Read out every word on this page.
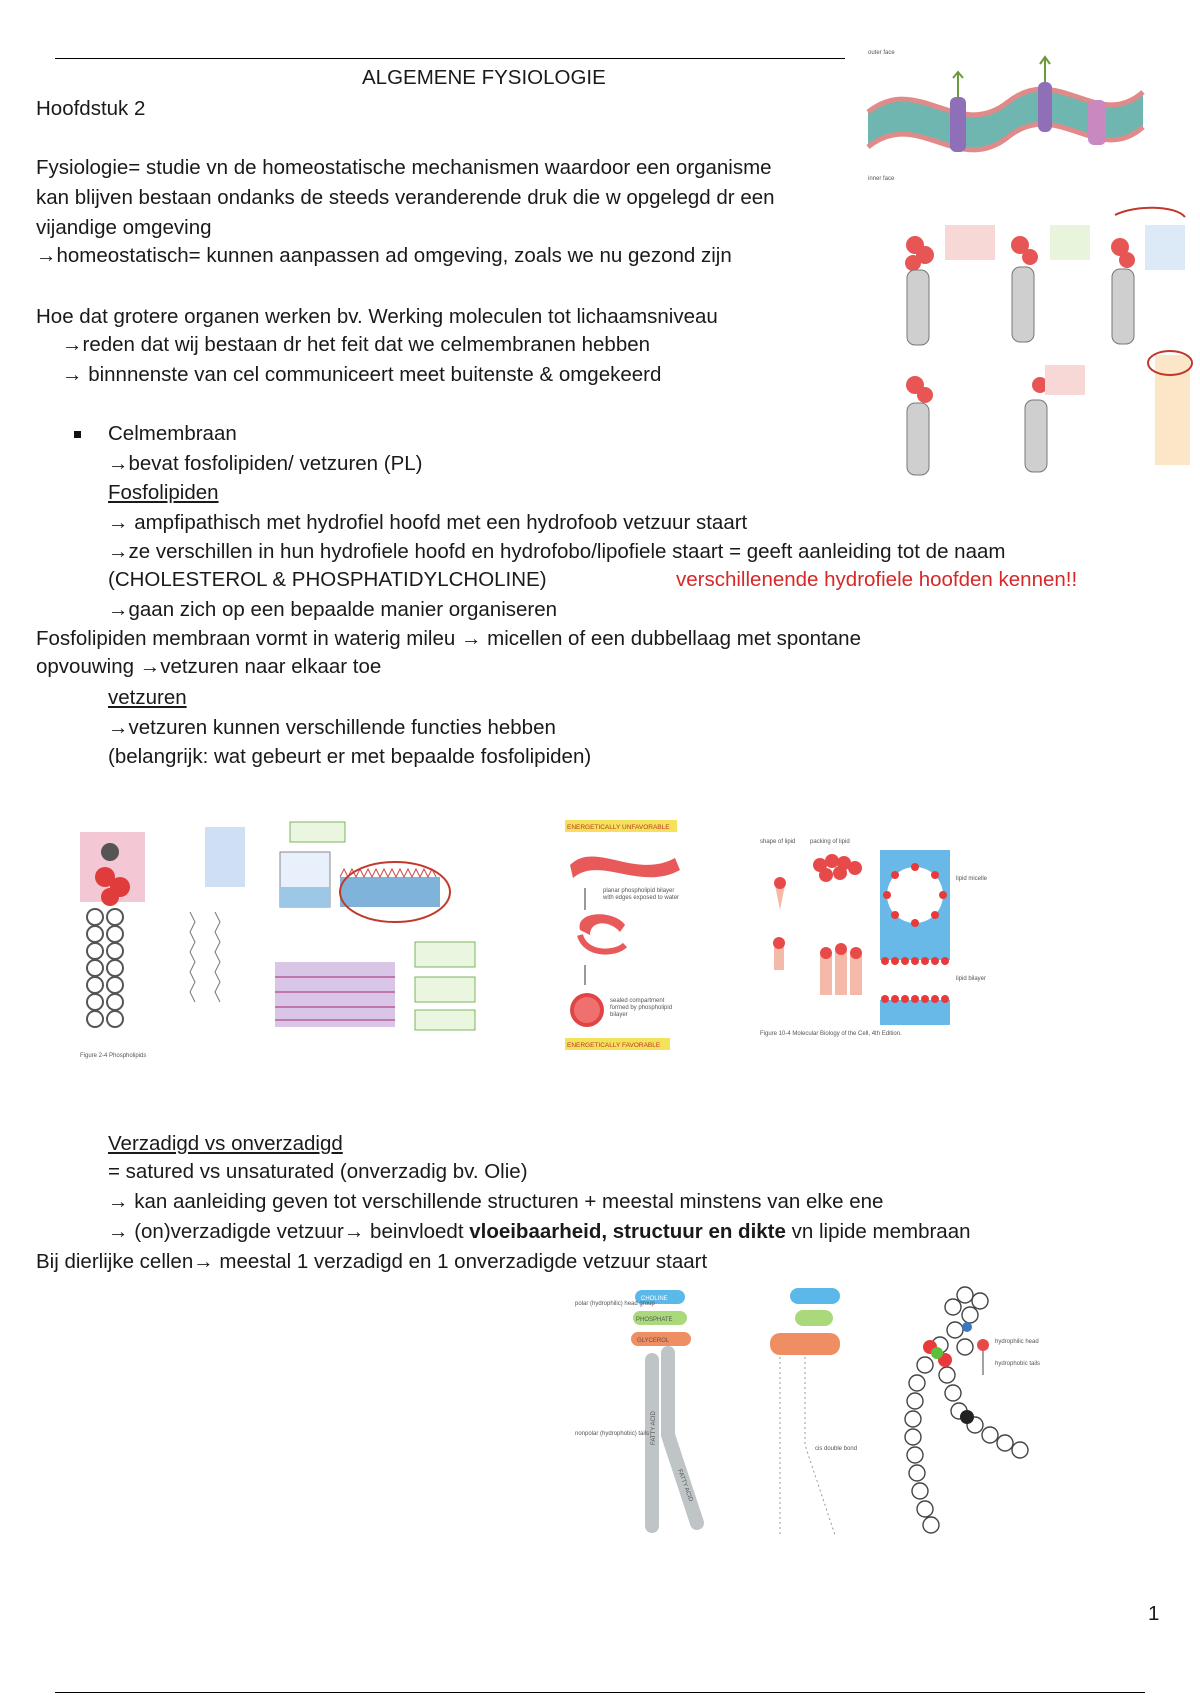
ALGEMENE FYSIOLOGIE
Hoofdstuk 2
Fysiologie= studie vn de homeostatische mechanismen waardoor een organisme
kan blijven bestaan ondanks de steeds veranderende druk die w opgelegd dr een
vijandige omgeving
→homeostatisch= kunnen aanpassen ad omgeving, zoals we nu gezond zijn
Hoe dat grotere organen werken bv. Werking moleculen tot lichaamsniveau
→reden dat wij bestaan dr het feit dat we celmembranen hebben
→ binnnenste van cel communiceert meet buitenste & omgekeerd
Celmembraan
→bevat fosfolipiden/ vetzuren (PL)
Fosfolipiden
→ ampfipathisch met hydrofiel hoofd met een hydrofoob vetzuur staart
→ze verschillen in hun hydrofiele hoofd en hydrofobo/lipofiele staart = geeft aanleiding tot de naam
(CHOLESTEROL & PHOSPHATIDYLCHOLINE)	verschillenende hydrofiele hoofden kennen!!
→gaan zich op een bepaalde manier organiseren
Fosfolipiden membraan vormt in waterig mileu → micellen of een dubbellaag met spontane
opvouwing →vetzuren naar elkaar toe
vetzuren
→vetzuren kunnen verschillende functies hebben
(belangrijk: wat gebeurt er met bepaalde fosfolipiden)
Verzadigd vs onverzadigd
= satured vs unsaturated (onverzadig bv. Olie)
→ kan aanleiding geven tot verschillende structuren + meestal minstens van elke ene
→ (on)verzadigde vetzuur→ beinvloedt vloeibaarheid, structuur en dikte vn lipide membraan
Bij dierlijke cellen→ meestal 1 verzadigd en 1 onverzadigde vetzuur staart
outer face
inner face
Figure 2-4 Phospholipids
ENERGETICALLY UNFAVORABLE
planar phospholipid bilayer
with edges exposed to water
sealed compartment
formed by phospholipid
bilayer
ENERGETICALLY FAVORABLE
shape of lipid packing of lipid
lipid micelle
lipid bilayer
Figure 10-4 Molecular Biology of the Cell, 4th Edition.
CHOLINE
PHOSPHATE
GLYCEROL
FATTY ACID
FATTY ACID
polar (hydrophilic) head group
nonpolar (hydrophobic) tails
cis double bond
hydrophilic head
hydrophobic tails
1
